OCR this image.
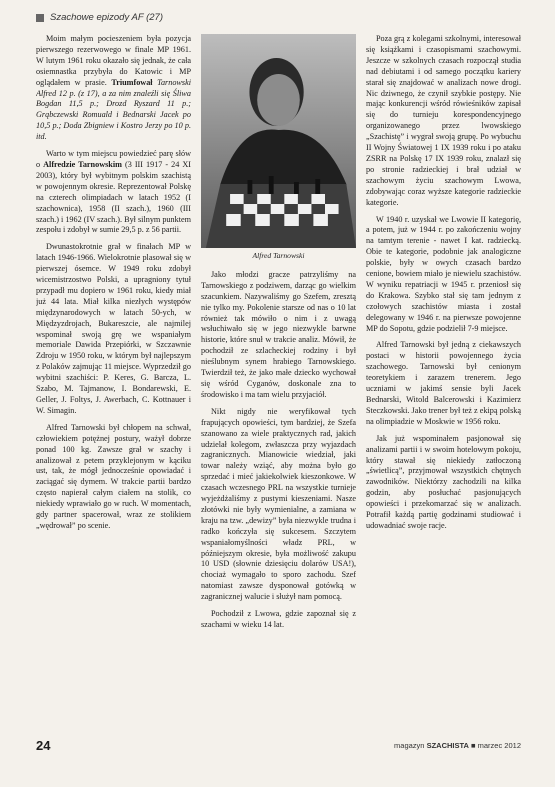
Szachowe epizody AF (27)

Moim małym pocieszeniem była pozycja pierwszego rezerwowego w finale MP 1961. W lutym 1961 roku okazało się jednak, że cała osiemnastka przybyła do Katowic i MP oglądałem w prasie. Triumfował Tarnowski Alfred 12 p. (z 17), a za nim znaleźli się Śliwa Bogdan 11,5 p.; Drozd Ryszard 11 p.; Grąbczewski Romuald i Bednarski Jacek po 10,5 p.; Doda Zbigniew i Kostro Jerzy po 10 p. itd.

Warto w tym miejscu powiedzieć parę słów o Alfredzie Tarnowskim (3 III 1917 - 24 XI 2003), który był wybitnym polskim szachistą w powojennym okresie. Reprezentował Polskę na czterech olimpiadach w latach 1952 (I szachownica), 1958 (II szach.), 1960 (III szach.) i 1962 (IV szach.). Był silnym punktem zespołu i zdobył w sumie 29,5 p. z 56 partii.

Dwunastokrotnie grał w finałach MP w latach 1946-1966. Wielokrotnie plasował się w pierwszej ósemce. W 1949 roku zdobył wicemistrzostwo Polski, a upragniony tytuł przypadł mu dopiero w 1961 roku, kiedy miał już 44 lata. Miał kilka niezłych występów międzynarodowych w latach 50-ych, w Międzyzdrojach, Bukareszcie, ale najmilej wspominał swoją grę we wspaniałym memoriale Dawida Przepiórki, w Szczawnie Zdroju w 1950 roku, w którym był najlepszym z Polaków zajmując 11 miejsce. Wyprzedził go wybitni szachiści: P. Keres, G. Barcza, L. Szabo, M. Tajmanow, I. Bondarewski, E. Geller, J. Foltys, J. Awerbach, C. Kottnauer i W. Simagin.

Alfred Tarnowski był chłopem na schwał, człowiekiem potężnej postury, ważył dobrze ponad 100 kg. Zawsze grał w szachy i analizował z petem przyklejonym w kąciku ust, tak, że mógł jednocześnie opowiadać i zaciągać się dymem. W trakcie partii bardzo często napierał całym ciałem na stolik, co niekiedy wprawiało go w ruch. W momentach, gdy partner spacerował, wraz ze stolikiem „wędrował” po scenie.

Alfred Tarnowski

Jako młodzi gracze patrzyliśmy na Tarnowskiego z podziwem, darząc go wielkim szacunkiem. Nazywaliśmy go Szefem, zresztą nie tylko my. Pokolenie starsze od nas o 10 lat również tak mówiło o nim i z uwagą wsłuchiwało się w jego niezwykle barwne historie, które snuł w trakcie analiz. Mówił, że pochodził ze szlacheckiej rodziny i był nieślubnym synem hrabiego Tarnowskiego. Twierdził też, że jako małe dziecko wychował się wśród Cyganów, doskonale zna to środowisko i ma tam wielu przyjaciół.

Nikt nigdy nie weryfikował tych frapujących opowieści, tym bardziej, że Szefa szanowano za wiele praktycznych rad, jakich udzielał kolegom, zwłaszcza przy wyjazdach zagranicznych. Mianowicie wiedział, jaki towar należy wziąć, aby można było go sprzedać i mieć jakiekolwiek kieszonkowe. W czasach wczesnego PRL na wszystkie turnieje wyjeżdżaliśmy z pustymi kieszeniami. Nasze złotówki nie były wymienialne, a zamiana w kraju na tzw. „dewizy” była niezwykle trudna i radko kończyła się sukcesem. Szczytem wspaniałomyślności władz PRL, w późniejszym okresie, była możliwość zakupu 10 USD (słownie dziesięciu dolarów USA!), chociaż wymagało to sporo zachodu. Szef natomiast zawsze dysponował gotówką w zagranicznej walucie i służył nam pomocą.

Pochodził z Lwowa, gdzie zapoznał się z szachami w wieku 14 lat.

Poza grą z kolegami szkolnymi, interesował się książkami i czasopismami szachowymi. Jeszcze w szkolnych czasach rozpoczął studia nad debiutami i od samego początku kariery starał się znajdować w analizach nowe drogi. Nic dziwnego, że czynił szybkie postępy. Nie mając konkurencji wśród rówieśników zapisał się do turnieju korespondencyjnego organizowanego przez lwowskiego „Szachistę” i wygrał swoją grupę. Po wybuchu II Wojny Światowej 1 IX 1939 roku i po ataku ZSRR na Polskę 17 IX 1939 roku, znalazł się po stronie radzieckiej i brał udział w szachowym życiu szachowym Lwowa, zdobywając coraz wyższe kategorie radzieckie kategorie.

W 1940 r. uzyskał we Lwowie II kategorię, a potem, już w 1944 r. po zakończeniu wojny na tamtym terenie - nawet I kat. radziecką. Obie te kategorie, podobnie jak analogiczne polskie, były w owych czasach bardzo cenione, bowiem miało je niewielu szachistów. W wyniku repatriacji w 1945 r. przeniosł się do Krakowa. Szybko stał się tam jednym z czołowych szachistów miasta i został delegowany w 1946 r. na pierwsze powojenne MP do Sopotu, gdzie podzielił 7-9 miejsce.

Alfred Tarnowski był jedną z ciekawszych postaci w historii powojennego życia szachowego. Tarnowski był cenionym teoretykiem i zarazem trenerem. Jego uczniami w jakimś sensie byli Jacek Bednarski, Witold Balcerowski i Kazimierz Steczkowski. Jako trener był też z ekipą polską na olimpiadzie w Moskwie w 1956 roku.

Jak już wspominałem pasjonował się analizami partii i w swoim hotelowym pokoju, który stawał się niekiedy zatłoczoną „świetlicą”, przyjmował wszystkich chętnych zawodników. Niektórzy zachodzili na kilka godzin, aby posłuchać pasjonujących opowieści i przekomarzać się w analizach. Potrafił każdą partię godzinami studiować i udowadniać swoje racje.

24	magazyn SZACHISTA ■ marzec 2012
